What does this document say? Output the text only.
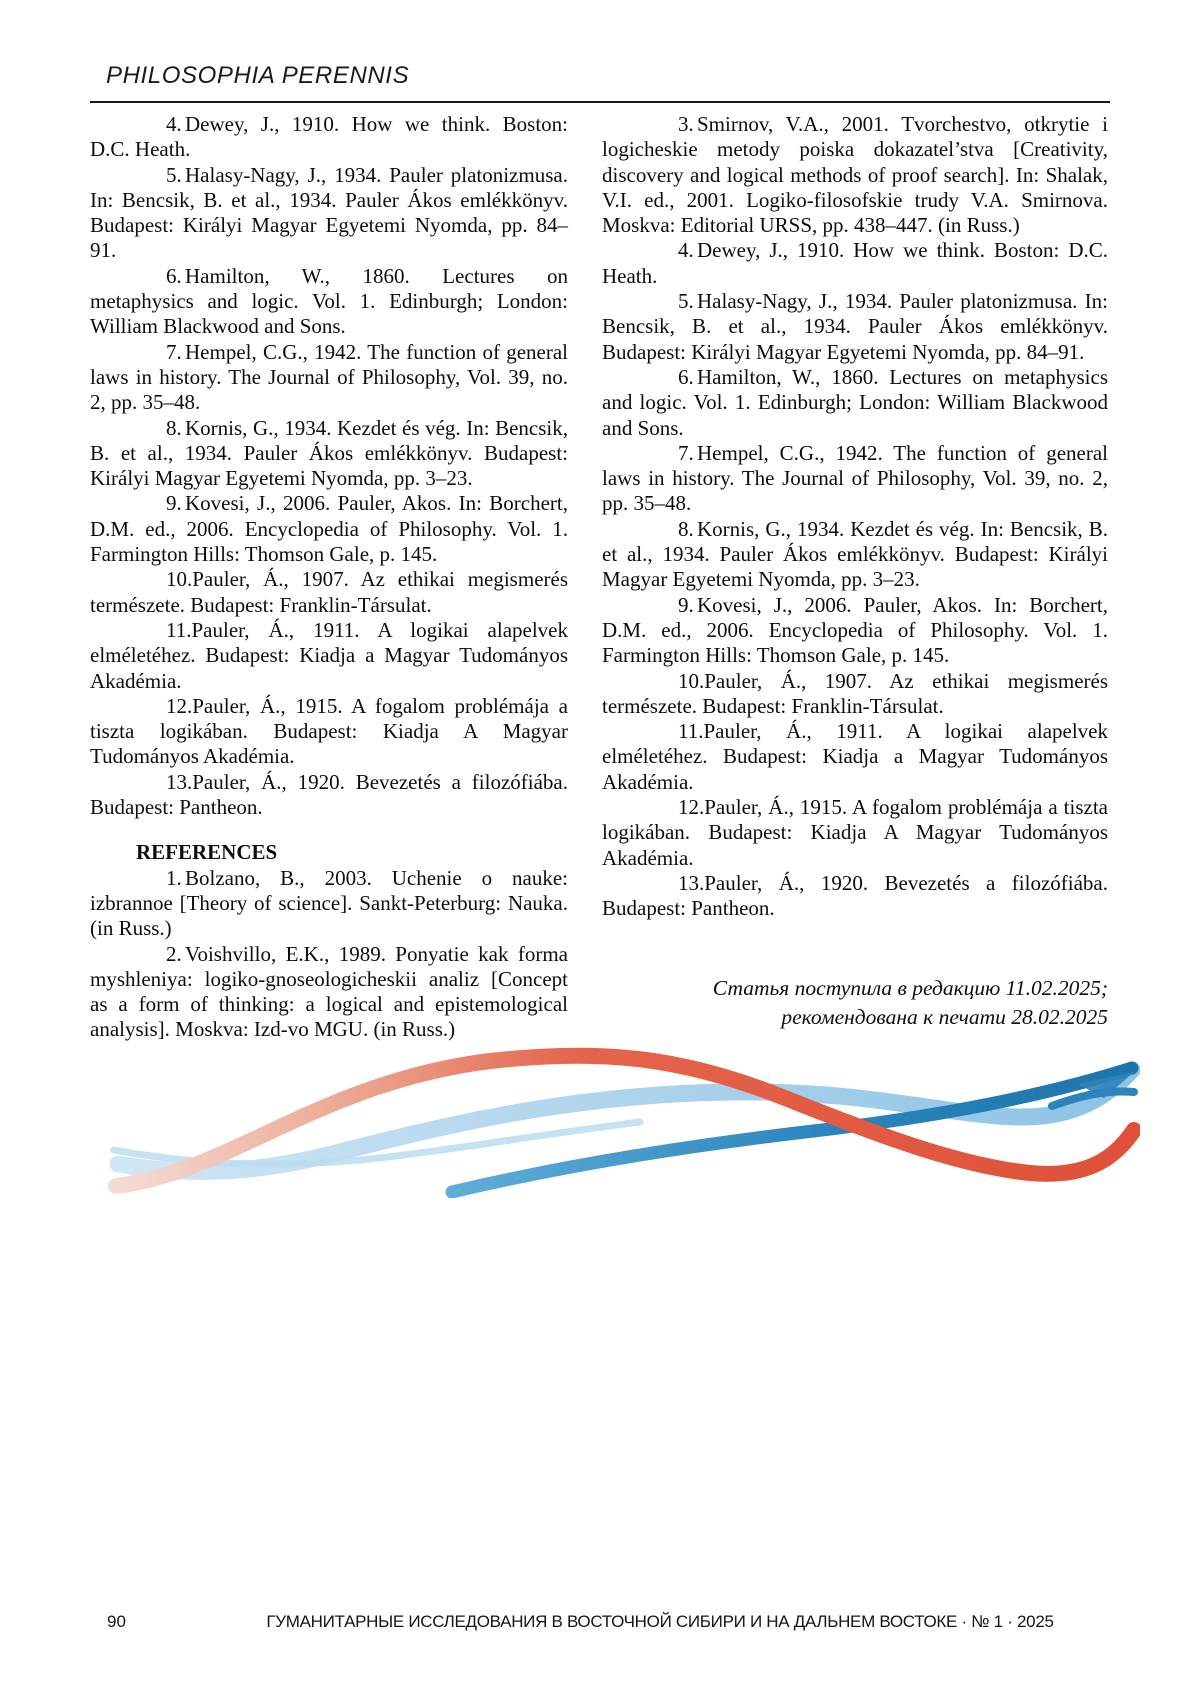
PHILOSOPHIA PERENNIS

4. Dewey, J., 1910. How we think. Boston: D.C. Heath.

5. Halasy-Nagy, J., 1934. Pauler platonizmusa. In: Bencsik, B. et al., 1934. Pauler Ákos emlékkönyv. Budapest: Királyi Magyar Egyetemi Nyomda, pp. 84–91.

6. Hamilton, W., 1860. Lectures on metaphysics and logic. Vol. 1. Edinburgh; London: William Blackwood and Sons.

7. Hempel, C.G., 1942. The function of general laws in history. The Journal of Philosophy, Vol. 39, no. 2, pp. 35–48.

8. Kornis, G., 1934. Kezdet és vég. In: Bencsik, B. et al., 1934. Pauler Ákos emlékkönyv. Budapest: Királyi Magyar Egyetemi Nyomda, pp. 3–23.

9. Kovesi, J., 2006. Pauler, Akos. In: Borchert, D.M. ed., 2006. Encyclopedia of Philosophy. Vol. 1. Farmington Hills: Thomson Gale, p. 145.

10.Pauler, Á., 1907. Az ethikai megismerés természete. Budapest: Franklin-Társulat.

11.Pauler, Á., 1911. A logikai alapelvek elméletéhez. Budapest: Kiadja a Magyar Tudományos Akadémia.

12.Pauler, Á., 1915. A fogalom problémája a tiszta logikában. Budapest: Kiadja A Magyar Tudományos Akadémia.

13.Pauler, Á., 1920. Bevezetés a filozófiába. Budapest: Pantheon.

REFERENCES

1. Bolzano, B., 2003. Uchenie o nauke: izbrannoe [Theory of science]. Sankt-Peterburg: Nauka. (in Russ.)

2. Voishvillo, E.K., 1989. Ponyatie kak forma myshleniya: logiko-gnoseologicheskii analiz [Concept as a form of thinking: a logical and epistemological analysis]. Moskva: Izd-vo MGU. (in Russ.)

3. Smirnov, V.A., 2001. Tvorchestvo, otkrytie i logicheskie metody poiska dokazatel’stva [Creativity, discovery and logical methods of proof search]. In: Shalak, V.I. ed., 2001. Logiko-filosofskie trudy V.A. Smirnova. Moskva: Editorial URSS, pp. 438–447. (in Russ.)

4. Dewey, J., 1910. How we think. Boston: D.C. Heath.

5. Halasy-Nagy, J., 1934. Pauler platonizmusa. In: Bencsik, B. et al., 1934. Pauler Ákos emlékkönyv. Budapest: Királyi Magyar Egyetemi Nyomda, pp. 84–91.

6. Hamilton, W., 1860. Lectures on metaphysics and logic. Vol. 1. Edinburgh; London: William Blackwood and Sons.

7. Hempel, C.G., 1942. The function of general laws in history. The Journal of Philosophy, Vol. 39, no. 2, pp. 35–48.

8. Kornis, G., 1934. Kezdet és vég. In: Bencsik, B. et al., 1934. Pauler Ákos emlékkönyv. Budapest: Királyi Magyar Egyetemi Nyomda, pp. 3–23.

9. Kovesi, J., 2006. Pauler, Akos. In: Borchert, D.M. ed., 2006. Encyclopedia of Philosophy. Vol. 1. Farmington Hills: Thomson Gale, p. 145.

10.Pauler, Á., 1907. Az ethikai megismerés természete. Budapest: Franklin-Társulat.

11.Pauler, Á., 1911. A logikai alapelvek elméletéhez. Budapest: Kiadja a Magyar Tudományos Akadémia.

12.Pauler, Á., 1915. A fogalom problémája a tiszta logikában. Budapest: Kiadja A Magyar Tudományos Akadémia.

13.Pauler, Á., 1920. Bevezetés a filozófiába. Budapest: Pantheon.

Статья поступила в редакцию 11.02.2025;
рекомендована к печати 28.02.2025
90	ГУМАНИТАРНЫЕ ИССЛЕДОВАНИЯ В ВОСТОЧНОЙ СИБИРИ И НА ДАЛЬНЕМ ВОСТОКЕ · № 1 · 2025
